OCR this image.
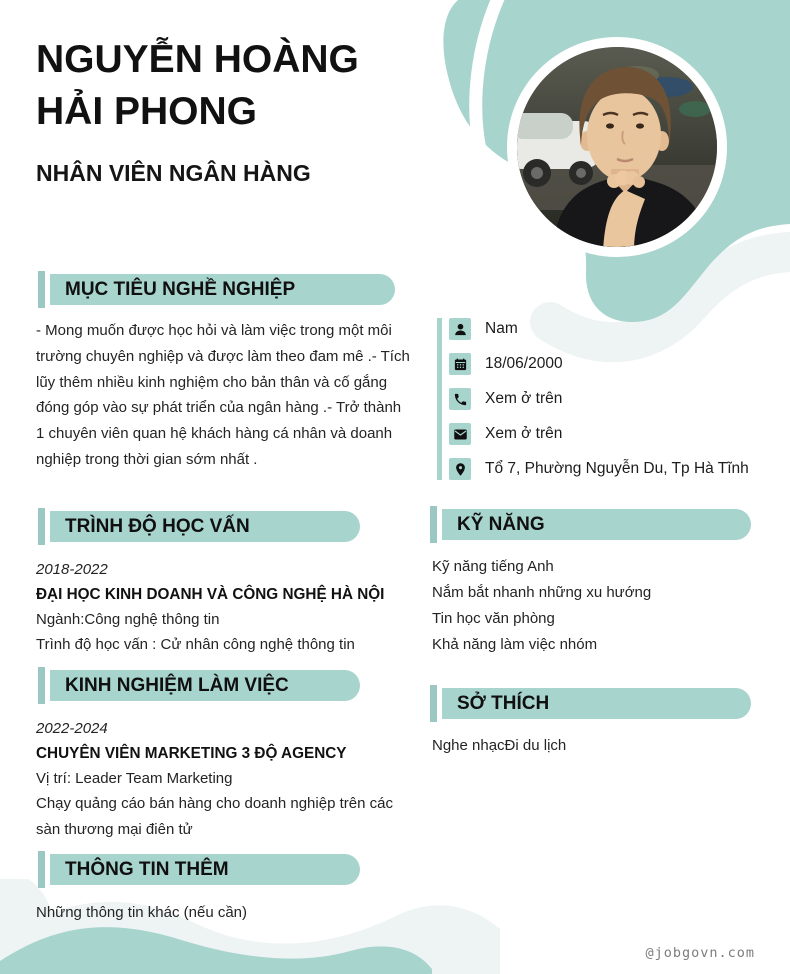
NGUYỄN HOÀNG
HẢI PHONG
NHÂN VIÊN NGÂN HÀNG
MỤC TIÊU NGHỀ NGHIỆP
- Mong muốn được học hỏi và làm việc trong một môi trường chuyên nghiệp và được làm theo đam mê .- Tích lũy thêm nhiều kinh nghiệm cho bản thân và cố gắng đóng góp vào sự phát triển của ngân hàng .- Trở thành 1 chuyên viên quan hệ khách hàng cá nhân và doanh nghiệp trong thời gian sớm nhất .
TRÌNH ĐỘ HỌC VẤN
2018-2022
ĐẠI HỌC KINH DOANH VÀ CÔNG NGHỆ HÀ NỘI
Ngành:Công nghệ thông tin
Trình độ học vấn : Cử nhân công nghệ thông tin
KINH NGHIỆM LÀM VIỆC
2022-2024
CHUYÊN VIÊN MARKETING 3 ĐỘ AGENCY
Vị trí: Leader Team Marketing
Chạy quảng cáo bán hàng cho doanh nghiệp trên các sàn thương mại điên tử
THÔNG TIN THÊM
Những thông tin khác (nếu cần)
Nam
18/06/2000
Xem ở trên
Xem ở trên
Tổ 7, Phường Nguyễn Du, Tp Hà Tĩnh
KỸ NĂNG
Kỹ năng tiếng Anh
Nắm bắt nhanh những xu hướng
Tin học văn phòng
Khả năng làm việc nhóm
SỞ THÍCH
Nghe nhạcĐi du lịch
@jobgovn.com
